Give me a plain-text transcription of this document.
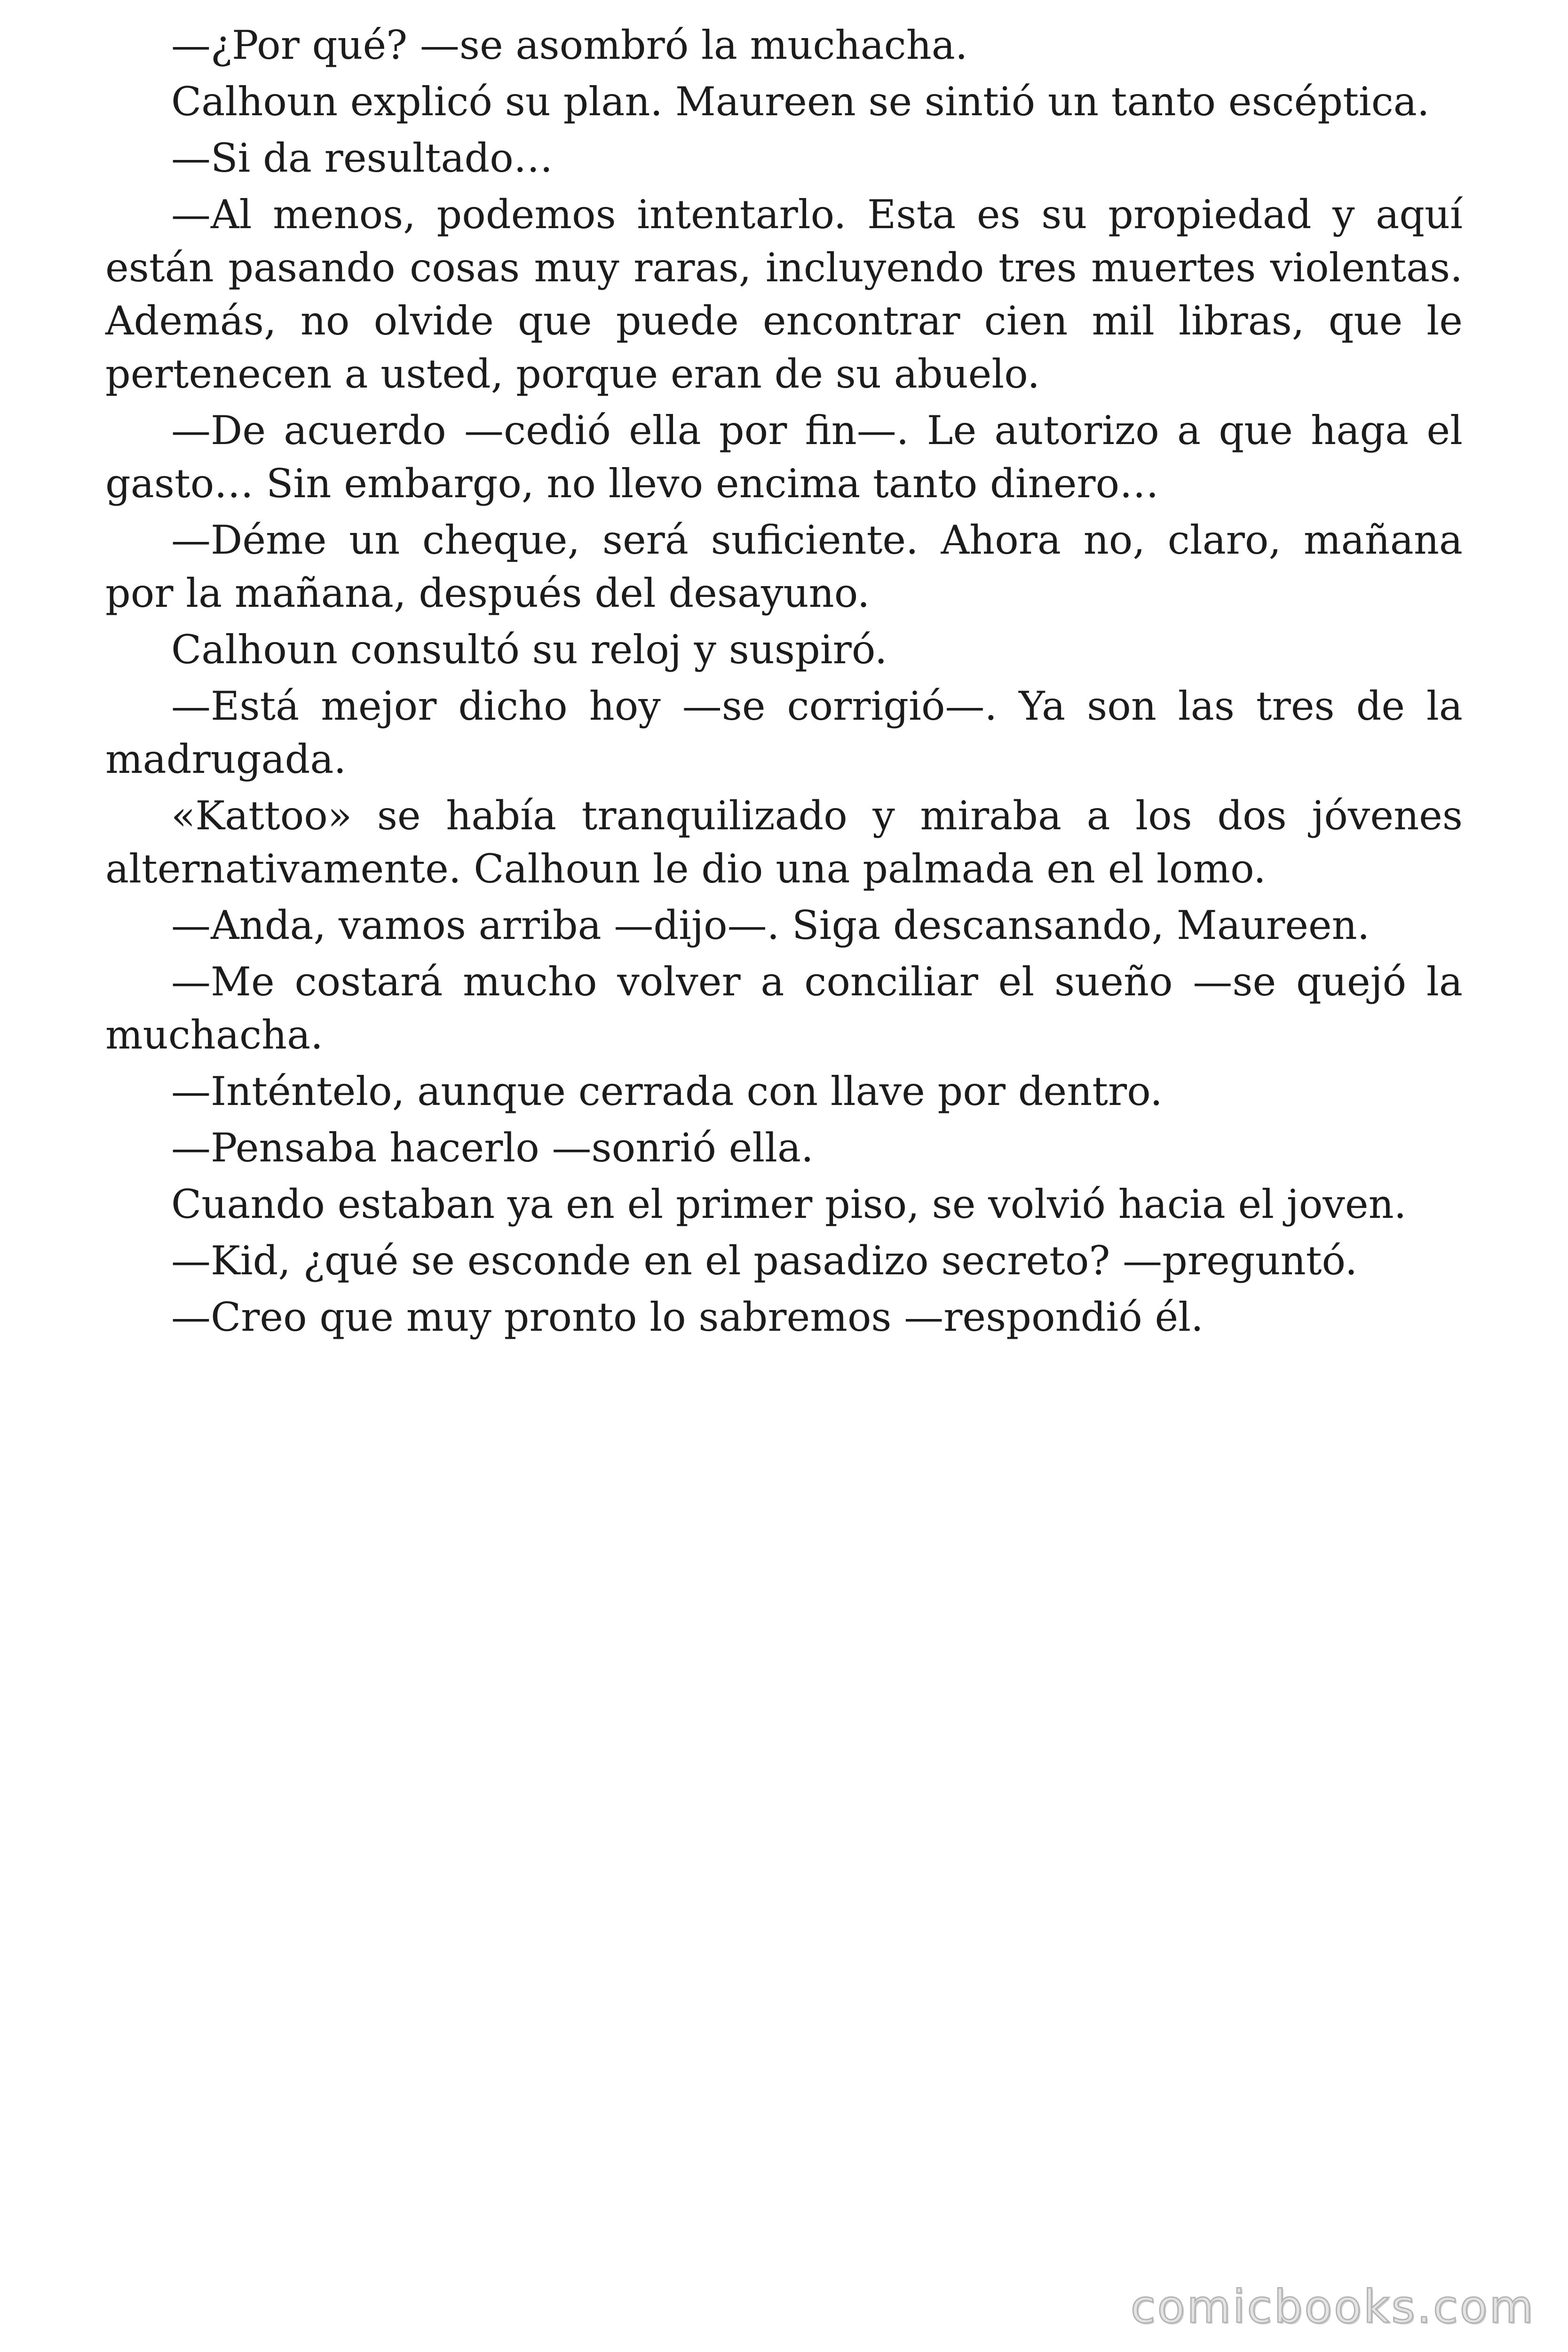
—¿Por qué? —se asombró la muchacha.

Calhoun explicó su plan. Maureen se sintió un tanto escéptica.

—Si da resultado…

—Al menos, podemos intentarlo. Esta es su propiedad y aquí están pasando cosas muy raras, incluyendo tres muertes violentas. Además, no olvide que puede encontrar cien mil libras, que le pertenecen a usted, porque eran de su abuelo.

—De acuerdo —cedió ella por fin—. Le autorizo a que haga el gasto… Sin embargo, no llevo encima tanto dinero…

—Déme un cheque, será suficiente. Ahora no, claro, mañana por la mañana, después del desayuno.

Calhoun consultó su reloj y suspiró.

—Está mejor dicho hoy —se corrigió—. Ya son las tres de la madrugada.

«Kattoo» se había tranquilizado y miraba a los dos jóvenes alternativamente. Calhoun le dio una palmada en el lomo.

—Anda, vamos arriba —dijo—. Siga descansando, Maureen.

—Me costará mucho volver a conciliar el sueño —se quejó la muchacha.

—Inténtelo, aunque cerrada con llave por dentro.

—Pensaba hacerlo —sonrió ella.

Cuando estaban ya en el primer piso, se volvió hacia el joven.

—Kid, ¿qué se esconde en el pasadizo secreto? —preguntó.

—Creo que muy pronto lo sabremos —respondió él.

comicbooks.com
